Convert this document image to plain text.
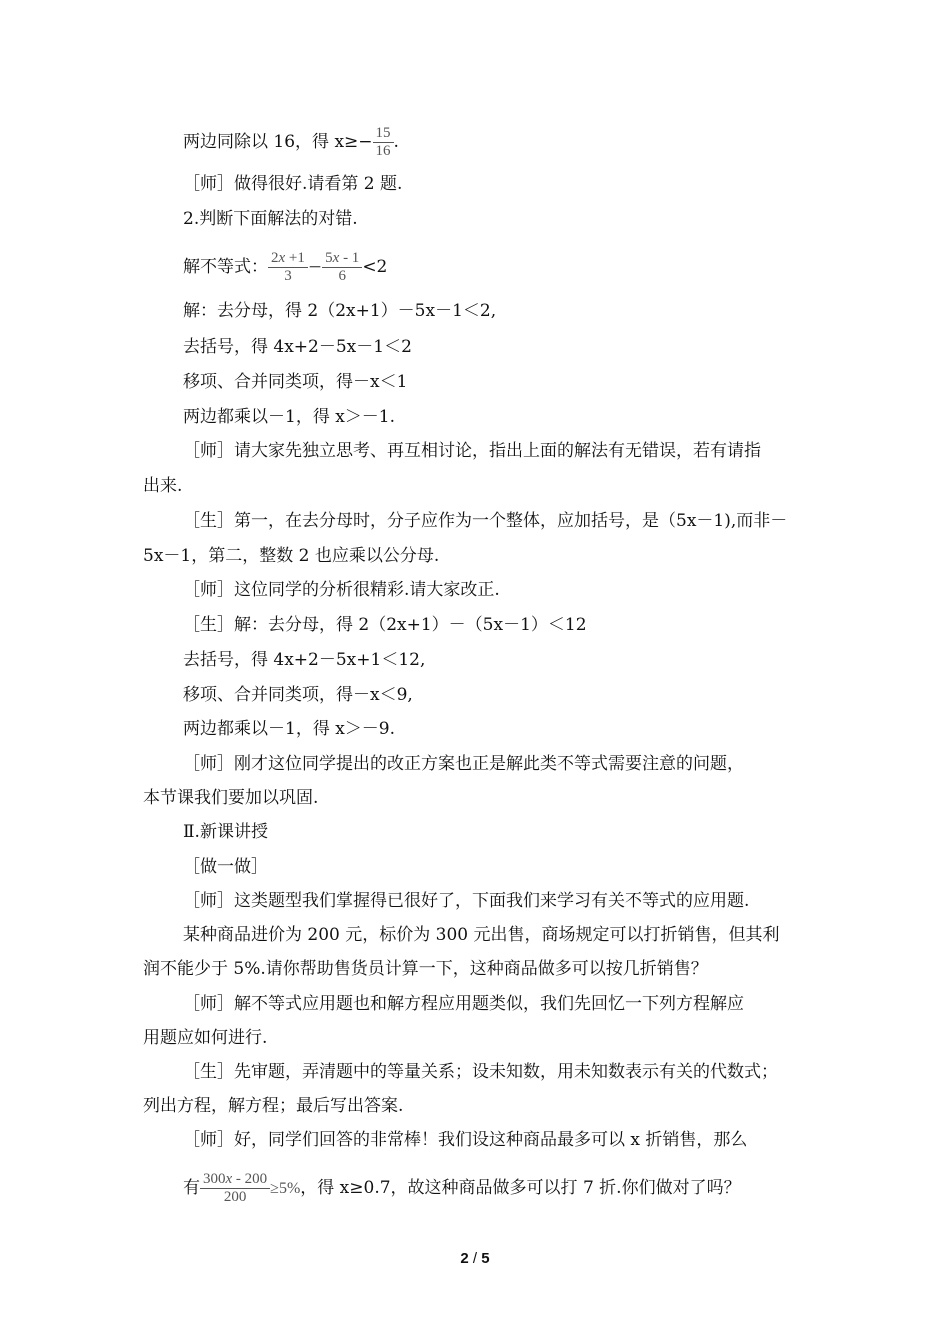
两边同除以 16，得 $x\ge- \frac{15}{16}$ .
［师］做得很好.请看第 2 题.
2.判断下面解法的对错.
解不等式： $\frac{2x +1}{3} - \frac{5x - 1}{6} <2$
解：去分母，得 2（2x+1）－5x－1＜2,
去括号，得 4x+2－5x－1＜2
移项、合并同类项，得－x＜1
两边都乘以－1，得 x＞－1.
［师］请大家先独立思考、再互相讨论，指出上面的解法有无错误，若有请指
出来.
［生］第一，在去分母时，分子应作为一个整体，应加括号，是（5x－1),而非－
5x－1，第二，整数 2 也应乘以公分母.
［师］这位同学的分析很精彩.请大家改正.
［生］解：去分母，得 2（2x+1）－（5x－1）＜12
去括号，得 4x+2－5x+1＜12,
移项、合并同类项，得－x＜9,
两边都乘以－1，得 x＞－9.
［师］刚才这位同学提出的改正方案也正是解此类不等式需要注意的问题，
本节课我们要加以巩固.
Ⅱ.新课讲授
［做一做］
［师］这类题型我们掌握得已很好了，下面我们来学习有关不等式的应用题.
某种商品进价为 200 元，标价为 300 元出售，商场规定可以打折销售，但其利
润不能少于 5%.请你帮助售货员计算一下，这种商品做多可以按几折销售？
［师］解不等式应用题也和解方程应用题类似，我们先回忆一下列方程解应
用题应如何进行.
［生］先审题，弄清题中的等量关系；设未知数，用未知数表示有关的代数式；
列出方程，解方程；最后写出答案.
［师］好，同学们回答的非常棒！我们设这种商品最多可以 x 折销售，那么
有 $\frac{300x - 200}{200} \ge 5\%$，得 x≥0.7，故这种商品做多可以打 7 折.你们做对了吗？
2 / 5
